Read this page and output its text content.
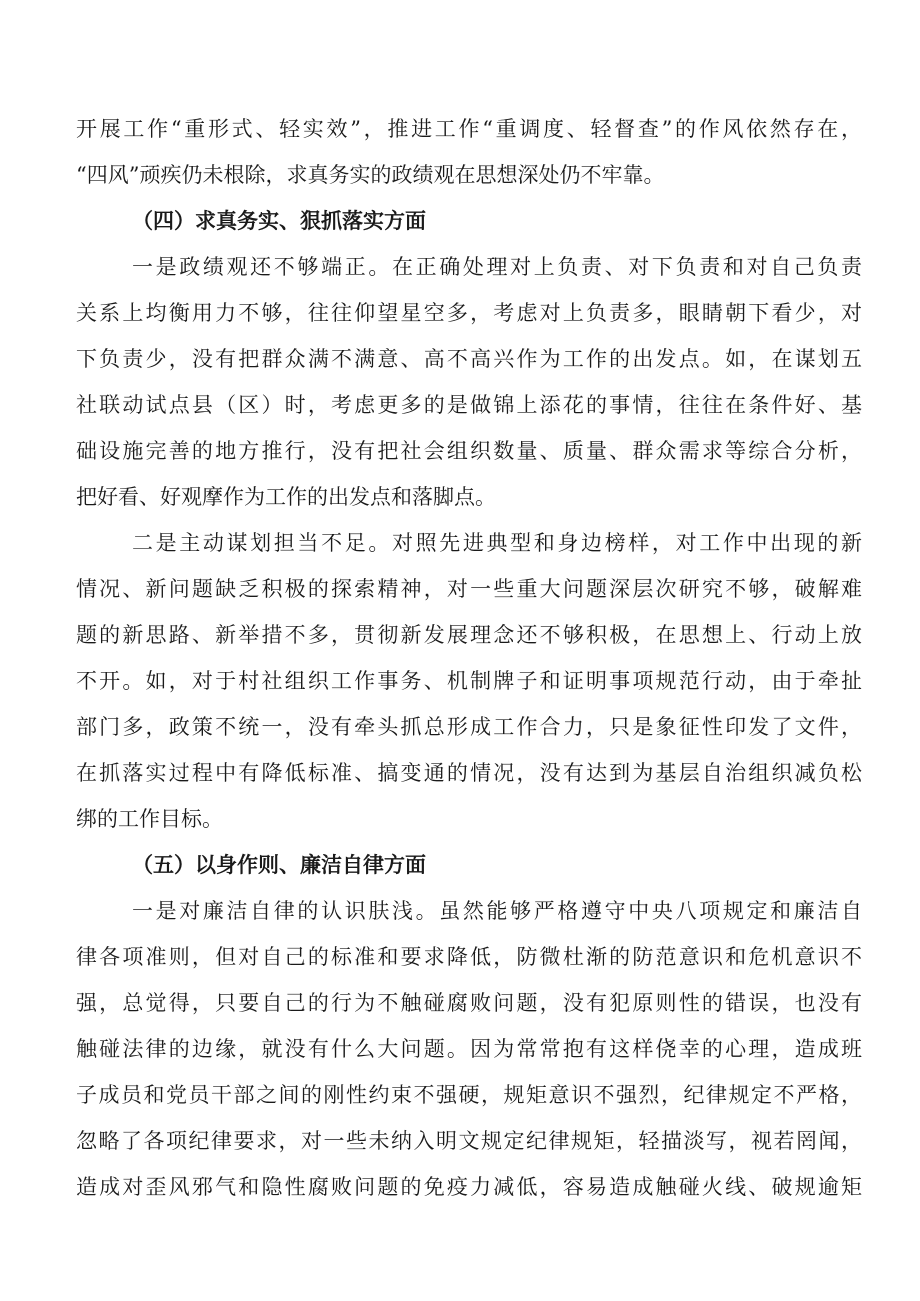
开展工作“重形式、轻实效”，推进工作“重调度、轻督查”的作风依然存在，
“四风”顽疾仍未根除，求真务实的政绩观在思想深处仍不牢靠。
（四）求真务实、狠抓落实方面
一是政绩观还不够端正。在正确处理对上负责、对下负责和对自己负责
关系上均衡用力不够，往往仰望星空多，考虑对上负责多，眼睛朝下看少，对
下负责少，没有把群众满不满意、高不高兴作为工作的出发点。如，在谋划五
社联动试点县（区）时，考虑更多的是做锦上添花的事情，往往在条件好、基
础设施完善的地方推行，没有把社会组织数量、质量、群众需求等综合分析，
把好看、好观摩作为工作的出发点和落脚点。
二是主动谋划担当不足。对照先进典型和身边榜样，对工作中出现的新
情况、新问题缺乏积极的探索精神，对一些重大问题深层次研究不够，破解难
题的新思路、新举措不多，贯彻新发展理念还不够积极，在思想上、行动上放
不开。如，对于村社组织工作事务、机制牌子和证明事项规范行动，由于牵扯
部门多，政策不统一，没有牵头抓总形成工作合力，只是象征性印发了文件，
在抓落实过程中有降低标准、搞变通的情况，没有达到为基层自治组织减负松
绑的工作目标。
（五）以身作则、廉洁自律方面
一是对廉洁自律的认识肤浅。虽然能够严格遵守中央八项规定和廉洁自
律各项准则，但对自己的标准和要求降低，防微杜渐的防范意识和危机意识不
强，总觉得，只要自己的行为不触碰腐败问题，没有犯原则性的错误，也没有
触碰法律的边缘，就没有什么大问题。因为常常抱有这样侥幸的心理，造成班
子成员和党员干部之间的刚性约束不强硬，规矩意识不强烈，纪律规定不严格，
忽略了各项纪律要求，对一些未纳入明文规定纪律规矩，轻描淡写，视若罔闻，
造成对歪风邪气和隐性腐败问题的免疫力减低，容易造成触碰火线、破规逾矩
